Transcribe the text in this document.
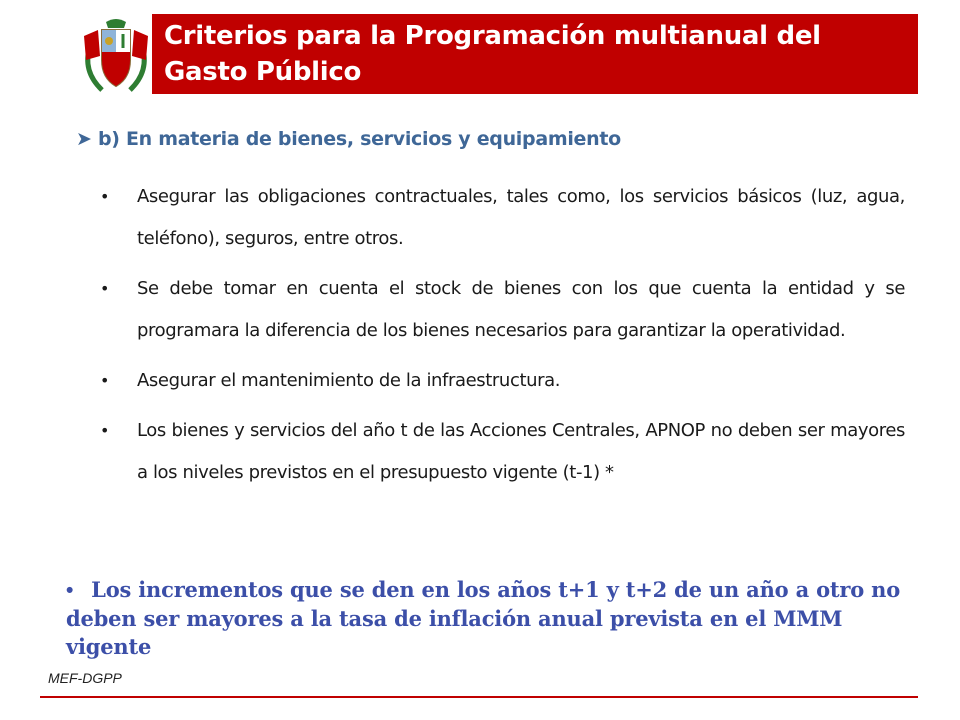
Criterios para la Programación multianual del
Gasto Público
➤ b) En materia de bienes, servicios y equipamiento
• Asegurar las obligaciones contractuales, tales como, los servicios básicos (luz, agua, teléfono), seguros, entre otros.
• Se debe tomar en cuenta el stock de bienes con los que cuenta la entidad y se programara la diferencia de los bienes necesarios para garantizar la operatividad.
• Asegurar el mantenimiento de la infraestructura.
• Los bienes y servicios del año t de las Acciones Centrales, APNOP no deben ser mayores a los niveles previstos en el presupuesto vigente (t-1) *
• Los incrementos que se den en los años t+1 y t+2 de un año a otro no deben ser mayores a la tasa de inflación anual prevista en el MMM vigente
MEF-DGPP
